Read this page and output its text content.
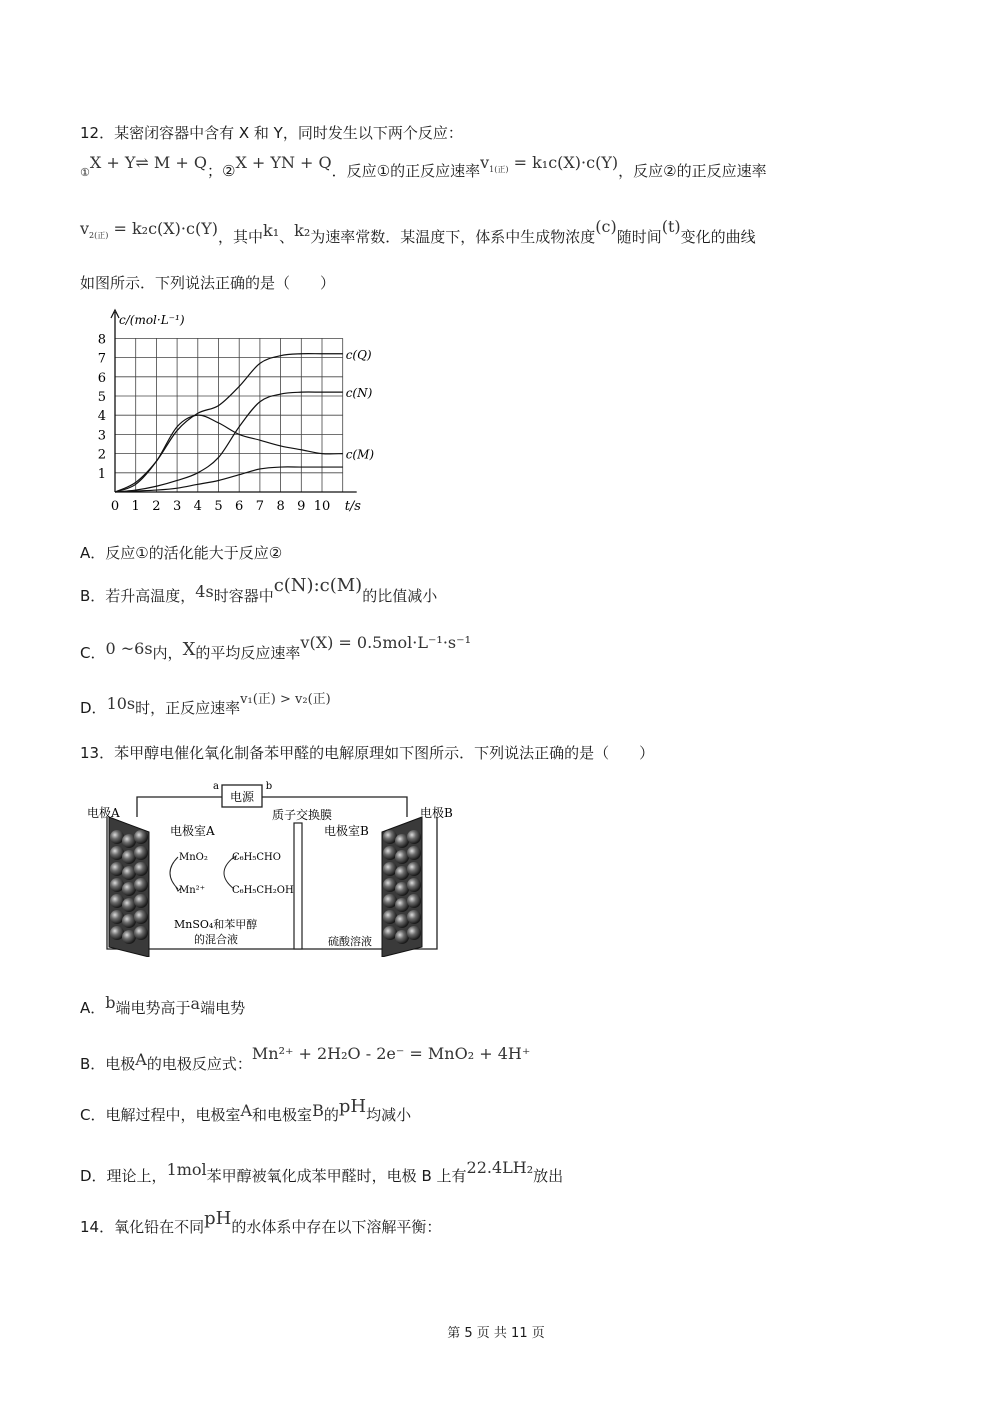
12．某密闭容器中含有 X 和 Y，同时发生以下两个反应：
①X + Y⇌ M + Q；②X + YN + Q．反应①的正反应速率$v_{1(正)} = k_1c(X)\cdot c(Y)$，反应②的正反应速率
$v_{2(正)} = k_2c(X)\cdot c(Y)$，其中k₁、k₂为速率常数．某温度下，体系中生成物浓度(c)随时间(t)变化的曲线
如图所示．下列说法正确的是（　　）
0 1 2 3 4 5 6 7 8 9 10
1
2
3
4
5
6
7
8
c/(mol·L⁻¹)
t/s
c(Q)
c(N)
c(M)
A．反应①的活化能大于反应②
B．若升高温度，4s时容器中c(N):c(M)的比值减小
C．0 ~6s内，X的平均反应速率v(X) = 0.5mol·L⁻¹·s⁻¹
D．10s时，正反应速率v₁(正) > v₂(正)
13．苯甲醇电催化氧化制备苯甲醛的电解原理如下图所示．下列说法正确的是（　　）
电源
a	b
电极A	电极B
质子交换膜
电极室A	电极室B
MnO₂
Mn²⁺
C₆H₅CHO
C₆H₅CH₂OH
MnSO₄和苯甲醇
的混合液	硫酸溶液
A．b端电势高于a端电势
B．电极A的电极反应式：Mn²⁺ + 2H₂O - 2e⁻ = MnO₂ + 4H⁺
C．电解过程中，电极室A和电极室B的pH均减小
D．理论上，1mol苯甲醇被氧化成苯甲醛时，电极 B 上有22.4LH₂放出
14．氧化铅在不同pH的水体系中存在以下溶解平衡：
第 5 页 共 11 页
